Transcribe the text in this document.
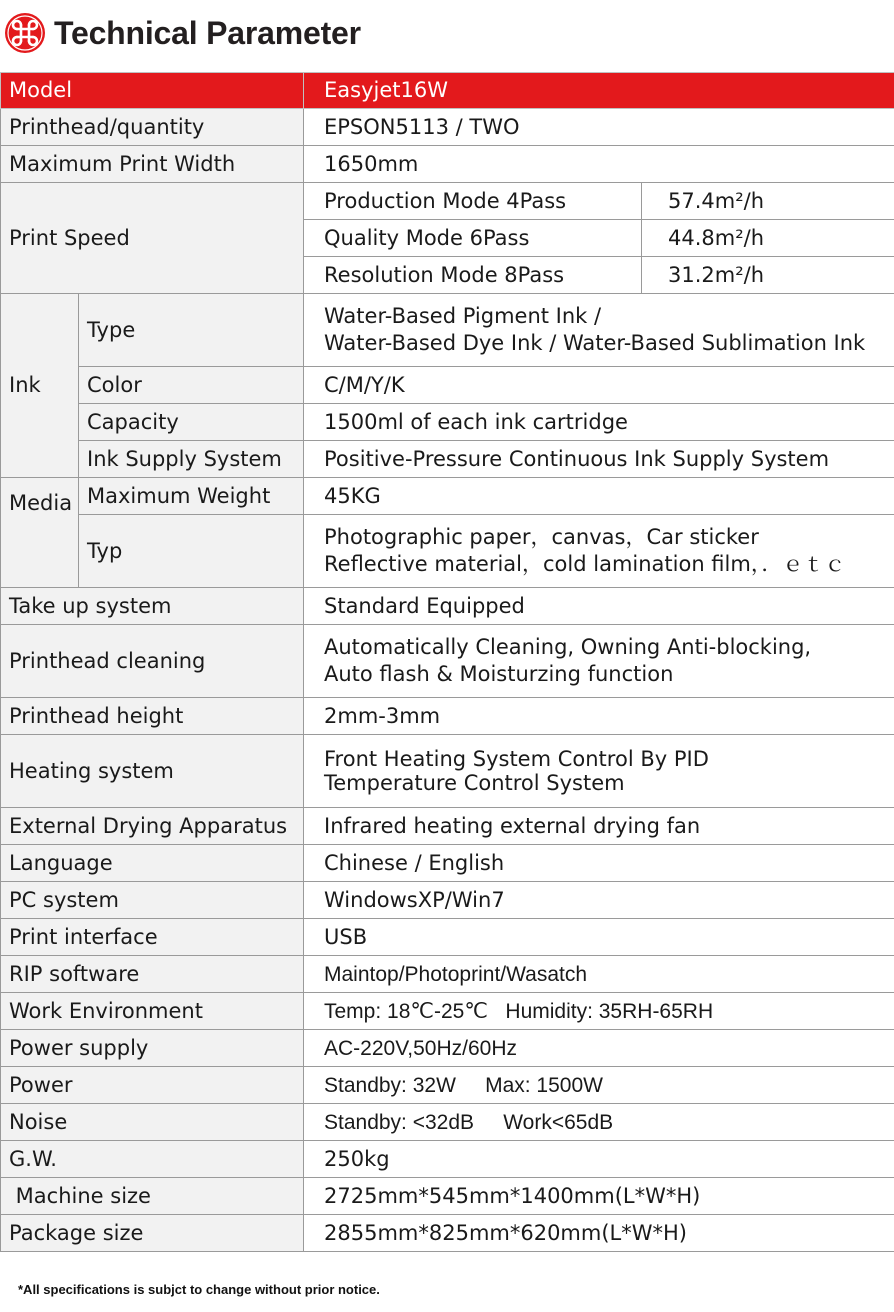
Technical Parameter
Model		Easyjet16W	
Printhead/quantity		EPSON5113 / TWO	
Maximum Print Width		1650mm	
Print Speed		Production Mode 4Pass	57.4m²/h
		Quality Mode 6Pass	44.8m²/h
		Resolution Mode 8Pass	31.2m²/h
Ink	Type	Water-Based Pigment Ink /
Water-Based Dye Ink / Water-Based Sublimation Ink	

	Color	C/M/Y/K	
	Capacity	1500ml of each ink cartridge	
	Ink Supply System	Positive-Pressure Continuous Ink Supply System	
Media	Maximum Weight	45KG	
	Typ	Photographic paper，canvas，Car sticker
Reflective material，cold lamination film，．ｅｔｃ	

Take up system		Standard Equipped	
Printhead cleaning		Automatically Cleaning, Owning Anti-blocking,
Auto flash & Moisturzing function	

Printhead height		2mm-3mm	
Heating system		Front Heating System Control By PID
Temperature Control System	

External Drying Apparatus		Infrared heating external drying fan	
Language		Chinese / English	
PC system		WindowsXP/Win7	
Print interface		USB	
RIP software		Maintop/Photoprint/Wasatch	
Work Environment		Temp: 18℃-25℃   Humidity: 35RH-65RH	
Power supply		AC-220V,50Hz/60Hz	
Power		Standby: 32W     Max: 1500W	
Noise		Standby: <32dB     Work<65dB	
G.W.		250kg	
Machine size		2725mm*545mm*1400mm(L*W*H)	
Package size		2855mm*825mm*620mm(L*W*H)	
*All specifications is subjct to change without prior notice.
